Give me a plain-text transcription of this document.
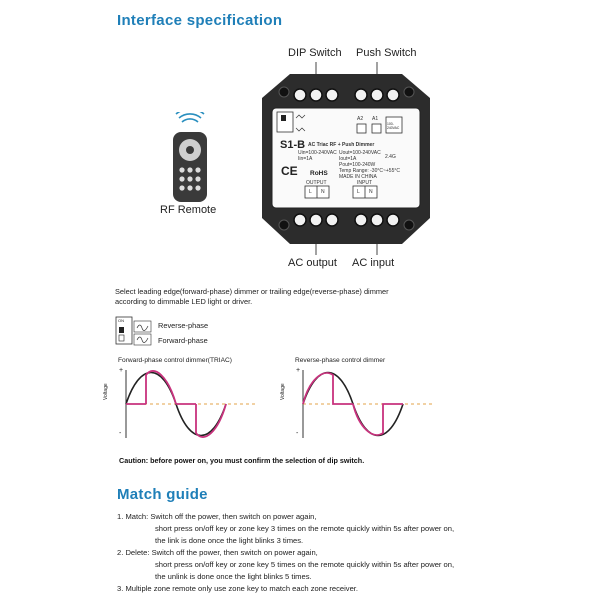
Interface specification
DIP Switch Push Switch
S1-B AC Triac RF + Push Dimmer
Uin=100-240VAC
Iin=1A
Uout=100-240VAC
Iout=1A
Pout=100-240W
Temp Range: -30°C~+55°C
MADE IN CHINA
A2 A1
100-240VAC
2.4G
CE RoHS
OUTPUT	INPUT
L N	L N
AC output AC input
RF Remote
Select leading edge(forward-phase) dimmer or trailing edge(reverse-phase) dimmer
according to dimmable LED light or driver.
ON
Reverse-phase
Forward-phase
Forward-phase control dimmer(TRIAC)	Reverse-phase control dimmer
+
-
Voltage
+
-
Voltage
Caution: before power on, you must confirm the selection of dip switch.
Match guide
1. Match: Switch off the power, then switch on power again,
short press on/off key or zone key 3 times on the remote quickly within 5s after power on,
the link is done once the light blinks 3 times.
2. Delete: Switch off the power, then switch on power again,
short press on/off key or zone key 5 times on the remote quickly within 5s after power on,
the unlink is done once the light blinks 5 times.
3. Multiple zone remote only use zone key to match each zone receiver.
